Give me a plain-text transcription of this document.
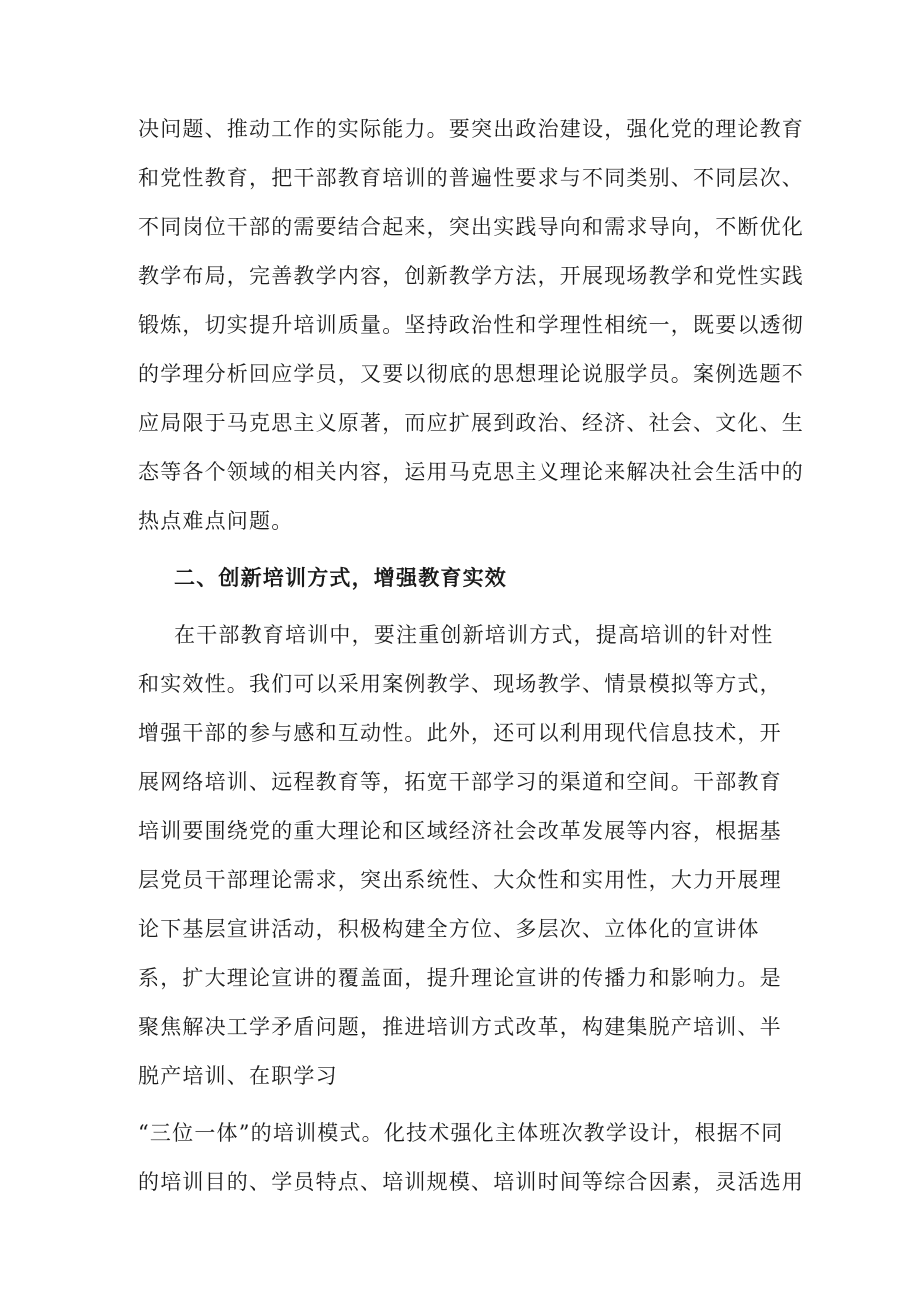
决问题、推动工作的实际能力。要突出政治建设，强化党的理论教育
和党性教育，把干部教育培训的普遍性要求与不同类别、不同层次、
不同岗位干部的需要结合起来，突出实践导向和需求导向，不断优化
教学布局，完善教学内容，创新教学方法，开展现场教学和党性实践
锻炼，切实提升培训质量。坚持政治性和学理性相统一，既要以透彻
的学理分析回应学员，又要以彻底的思想理论说服学员。案例选题不
应局限于马克思主义原著，而应扩展到政治、经济、社会、文化、生
态等各个领域的相关内容，运用马克思主义理论来解决社会生活中的
热点难点问题。
二、创新培训方式，增强教育实效
在干部教育培训中，要注重创新培训方式，提高培训的针对性
和实效性。我们可以采用案例教学、现场教学、情景模拟等方式，
增强干部的参与感和互动性。此外，还可以利用现代信息技术，开
展网络培训、远程教育等，拓宽干部学习的渠道和空间。干部教育
培训要围绕党的重大理论和区域经济社会改革发展等内容，根据基
层党员干部理论需求，突出系统性、大众性和实用性，大力开展理
论下基层宣讲活动，积极构建全方位、多层次、立体化的宣讲体
系，扩大理论宣讲的覆盖面，提升理论宣讲的传播力和影响力。是
聚焦解决工学矛盾问题，推进培训方式改革，构建集脱产培训、半
脱产培训、在职学习
“三位一体”的培训模式。化技术强化主体班次教学设计，根据不同
的培训目的、学员特点、培训规模、培训时间等综合因素，灵活选用
